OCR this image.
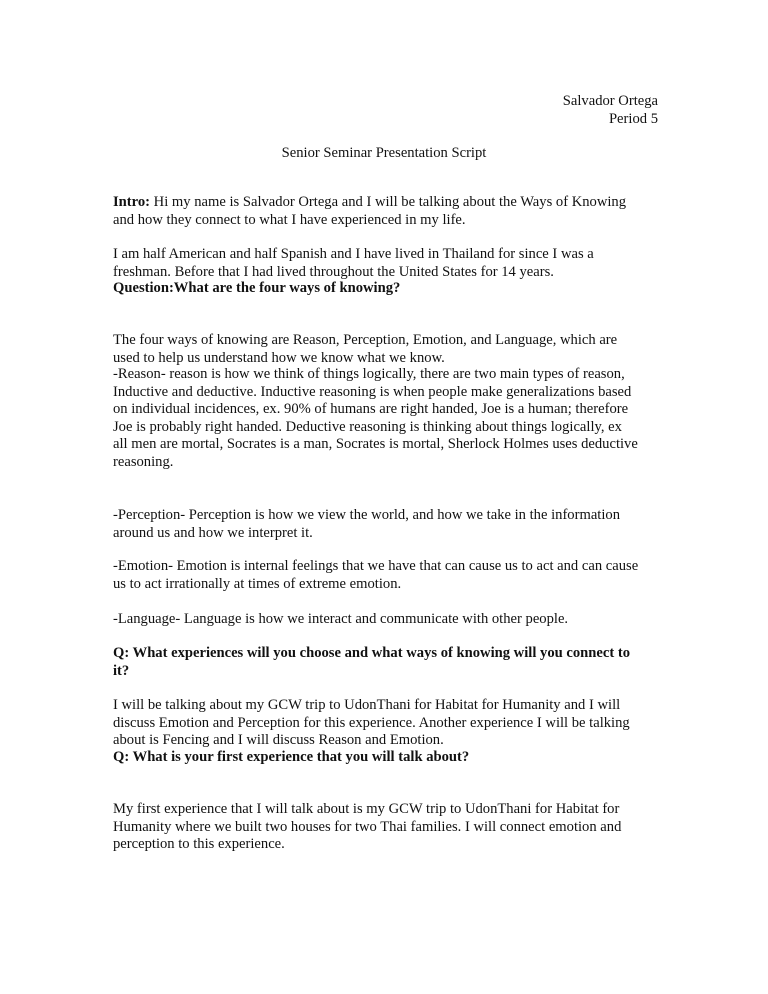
Salvador Ortega
Period 5
Senior Seminar Presentation Script
Intro: Hi my name is Salvador Ortega and I will be talking about the Ways of Knowing
and how they connect to what I have experienced in my life.
I am half American and half Spanish and I have lived in Thailand for since I was a
freshman. Before that I had lived throughout the United States for 14 years.
Question:What are the four ways of knowing?
The four ways of knowing are Reason, Perception, Emotion, and Language, which are
used to help us understand how we know what we know.
-Reason- reason is how we think of things logically, there are two main types of reason,
Inductive and deductive. Inductive reasoning is when people make generalizations based
on individual incidences, ex. 90% of humans are right handed, Joe is a human; therefore
Joe is probably right handed. Deductive reasoning is thinking about things logically, ex
all men are mortal, Socrates is a man, Socrates is mortal, Sherlock Holmes uses deductive
reasoning.
-Perception- Perception is how we view the world, and how we take in the information
around us and how we interpret it.
-Emotion- Emotion is internal feelings that we have that can cause us to act and can cause
us to act irrationally at times of extreme emotion.
-Language- Language is how we interact and communicate with other people.
Q: What experiences will you choose and what ways of knowing will you connect to
it?
I will be talking about my GCW trip to UdonThani for Habitat for Humanity and I will
discuss Emotion and Perception for this experience. Another experience I will be talking
about is Fencing and I will discuss Reason and Emotion.
Q: What is your first experience that you will talk about?
My first experience that I will talk about is my GCW trip to UdonThani for Habitat for
Humanity where we built two houses for two Thai families. I will connect emotion and
perception to this experience.
